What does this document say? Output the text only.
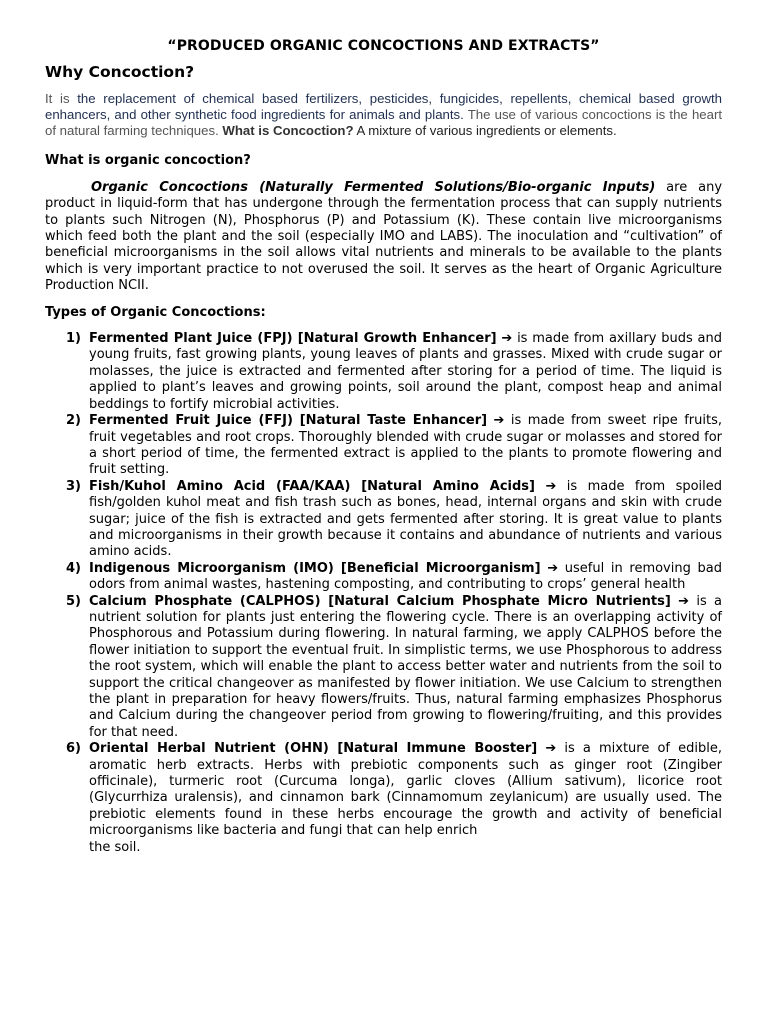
“PRODUCED ORGANIC CONCOCTIONS AND EXTRACTS”
Why Concoction?

It is the replacement of chemical based fertilizers, pesticides, fungicides, repellents, chemical based growth enhancers, and other synthetic food ingredients for animals and plants. The use of various concoctions is the heart of natural farming techniques. What is Concoction? A mixture of various ingredients or elements.

What is organic concoction?

Organic Concoctions (Naturally Fermented Solutions/Bio-organic Inputs) are any product in liquid-form that has undergone through the fermentation process that can supply nutrients to plants such Nitrogen (N), Phosphorus (P) and Potassium (K). These contain live microorganisms which feed both the plant and the soil (especially IMO and LABS). The inoculation and “cultivation” of beneficial microorganisms in the soil allows vital nutrients and minerals to be available to the plants which is very important practice to not overused the soil. It serves as the heart of Organic Agriculture Production NCII.

Types of Organic Concoctions:
1) Fermented Plant Juice (FPJ) [Natural Growth Enhancer] ➔ is made from axillary buds and young fruits, fast growing plants, young leaves of plants and grasses. Mixed with crude sugar or molasses, the juice is extracted and fermented after storing for a period of time. The liquid is applied to plant’s leaves and growing points, soil around the plant, compost heap and animal beddings to fortify microbial activities.
2) Fermented Fruit Juice (FFJ) [Natural Taste Enhancer] ➔ is made from sweet ripe fruits, fruit vegetables and root crops. Thoroughly blended with crude sugar or molasses and stored for a short period of time, the fermented extract is applied to the plants to promote flowering and fruit setting.
3) Fish/Kuhol Amino Acid (FAA/KAA) [Natural Amino Acids] ➔ is made from spoiled fish/golden kuhol meat and fish trash such as bones, head, internal organs and skin with crude sugar; juice of the fish is extracted and gets fermented after storing. It is great value to plants and microorganisms in their growth because it contains and abundance of nutrients and various amino acids.
4) Indigenous Microorganism (IMO) [Beneficial Microorganism] ➔ useful in removing bad odors from animal wastes, hastening composting, and contributing to crops’ general health
5) Calcium Phosphate (CALPHOS) [Natural Calcium Phosphate Micro Nutrients] ➔ is a nutrient solution for plants just entering the flowering cycle. There is an overlapping activity of Phosphorous and Potassium during flowering. In natural farming, we apply CALPHOS before the flower initiation to support the eventual fruit. In simplistic terms, we use Phosphorous to address the root system, which will enable the plant to access better water and nutrients from the soil to support the critical changeover as manifested by flower initiation. We use Calcium to strengthen the plant in preparation for heavy flowers/fruits. Thus, natural farming emphasizes Phosphorus and Calcium during the changeover period from growing to flowering/fruiting, and this provides for that need.
6) Oriental Herbal Nutrient (OHN) [Natural Immune Booster] ➔ is a mixture of edible, aromatic herb extracts. Herbs with prebiotic components such as ginger root (Zingiber officinale), turmeric root (Curcuma longa), garlic cloves (Allium sativum), licorice root (Glycurrhiza uralensis), and cinnamon bark (Cinnamomum zeylanicum) are usually used. The prebiotic elements found in these herbs encourage the growth and activity of beneficial microorganisms like bacteria and fungi that can help enrich
the soil.
